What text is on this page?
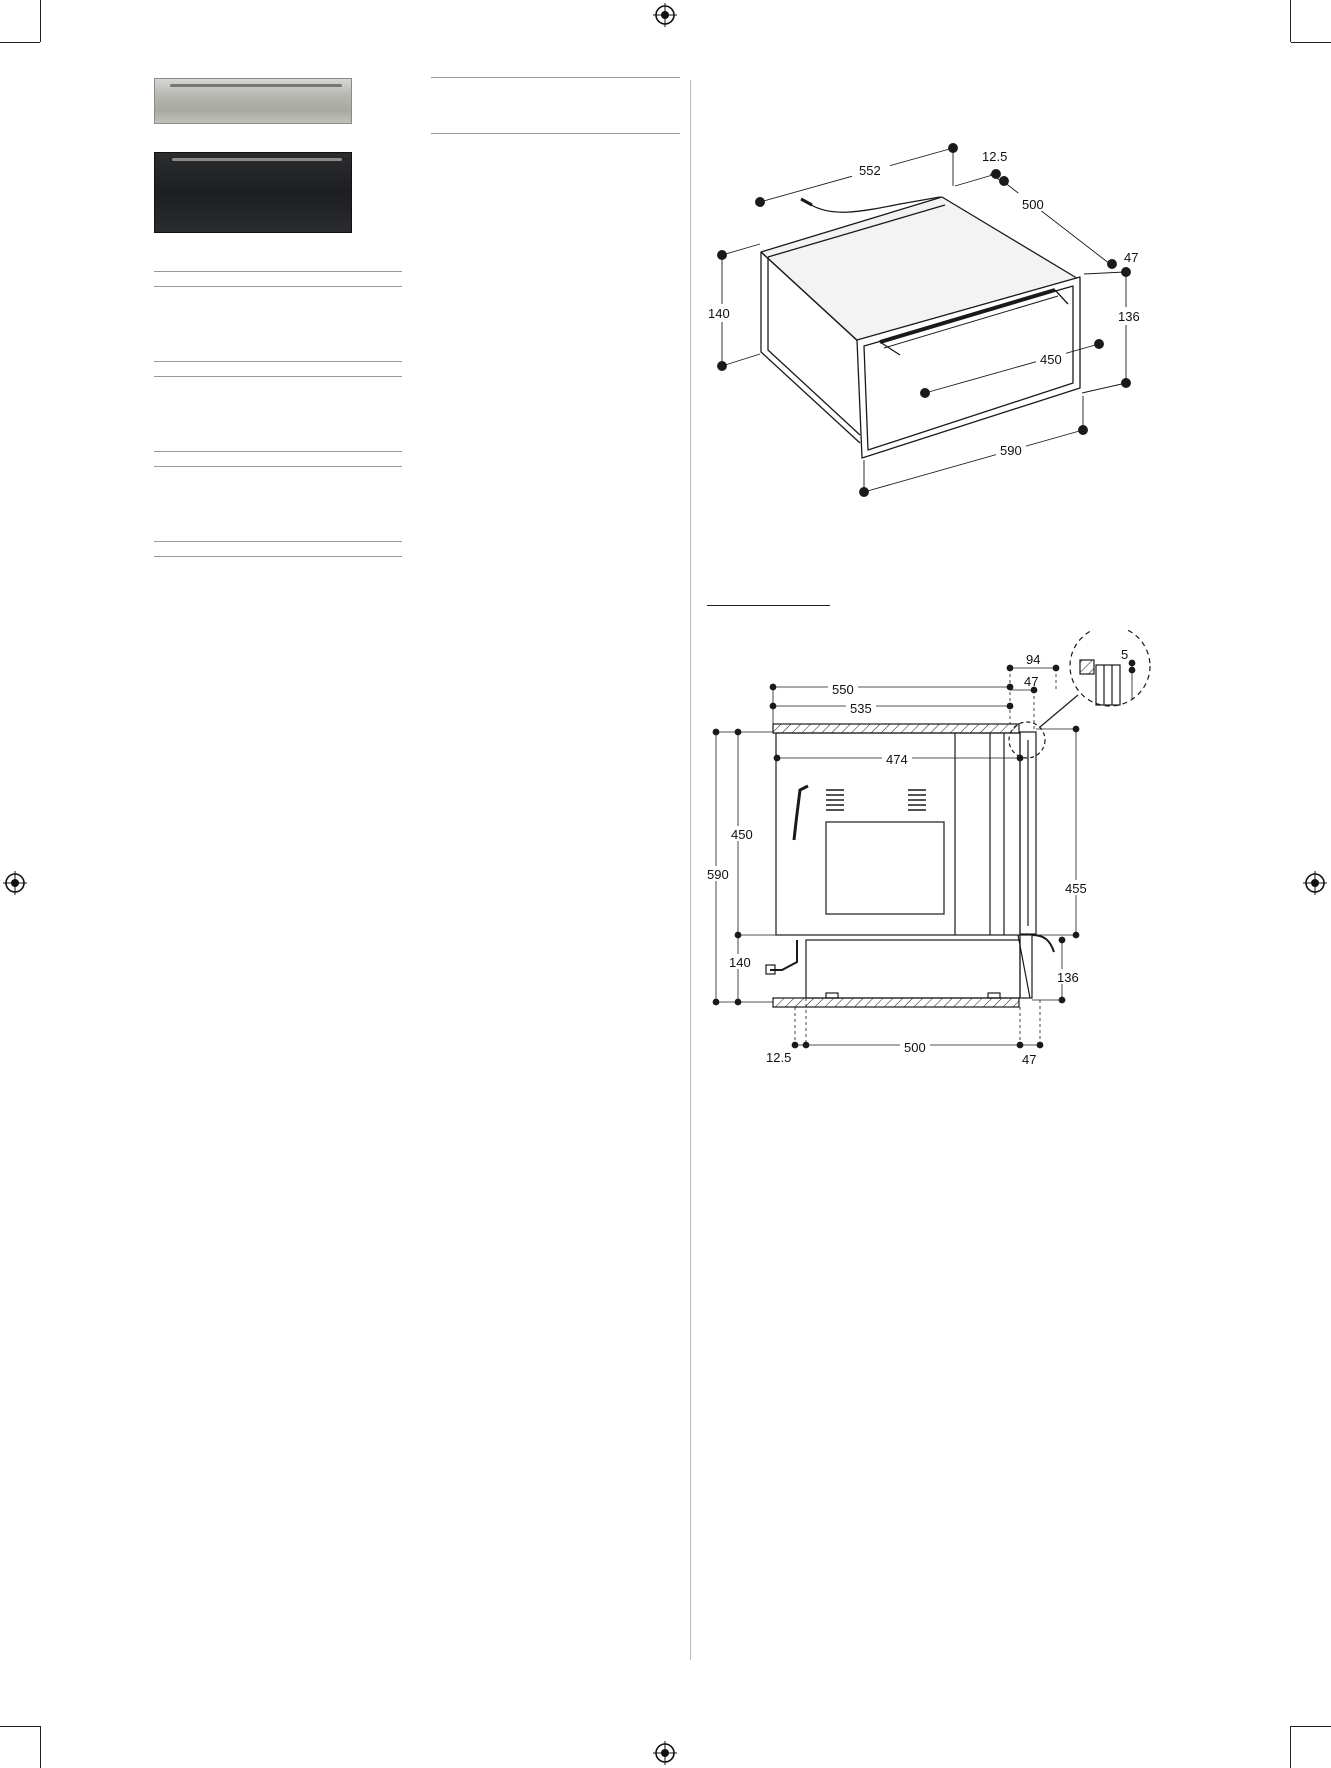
552
12.5
500
47
140	136
450
590
550
535
94
47
5
474
450
590
455
140
136
12.5
500
47
